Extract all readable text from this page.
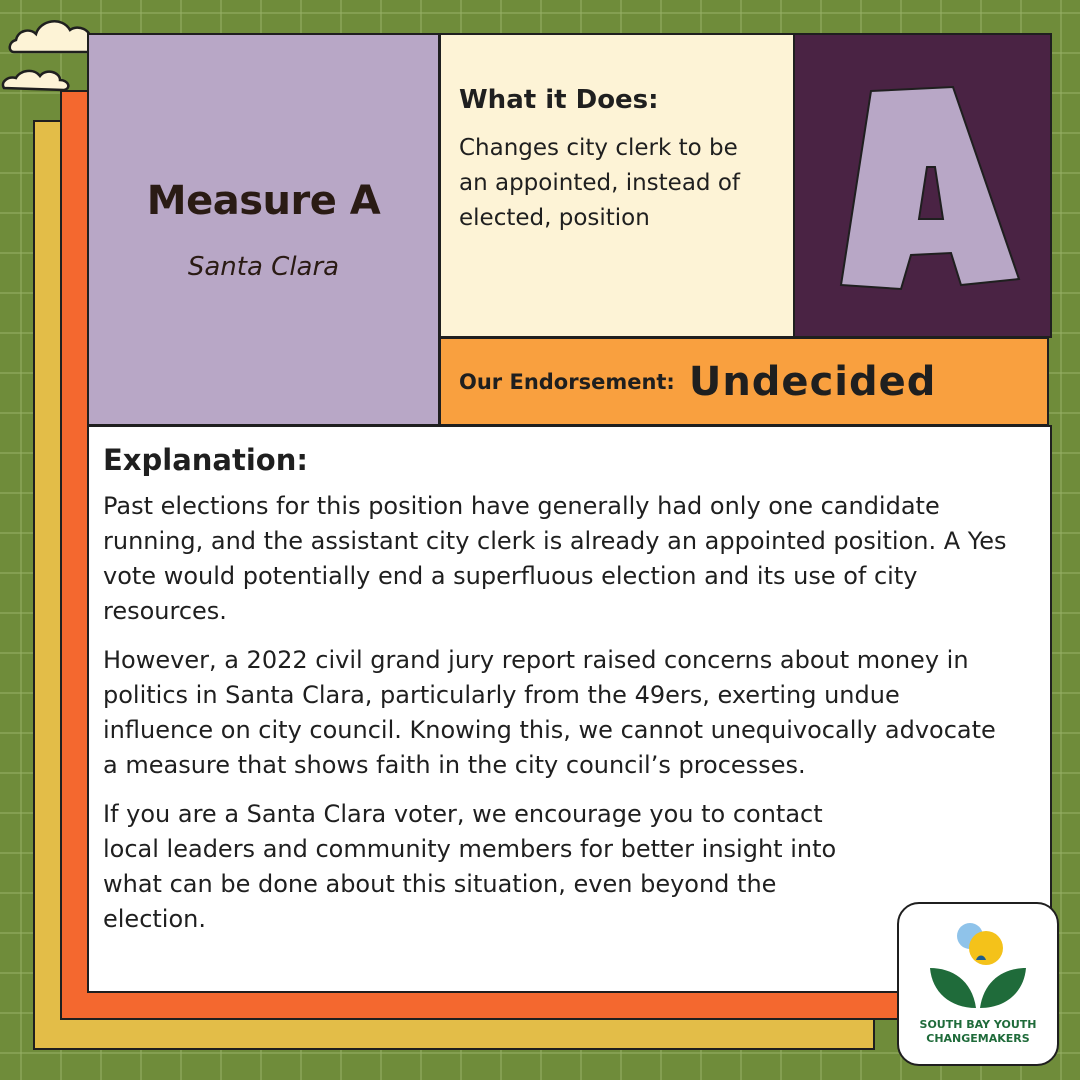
Measure A
Santa Clara
What it Does:

Changes city clerk to be an appointed, instead of elected, position

Our Endorsement: Undecided
Explanation:

Past elections for this position have generally had only one candidate running, and the assistant city clerk is already an appointed position. A Yes vote would potentially end a superfluous election and its use of city resources.

However, a 2022 civil grand jury report raised concerns about money in politics in Santa Clara, particularly from the 49ers, exerting undue influence on city council. Knowing this, we cannot unequivocally advocate a measure that shows faith in the city council’s processes.

If you are a Santa Clara voter, we encourage you to contact local leaders and community members for better insight into what can be done about this situation, even beyond the election.

SOUTH BAY YOUTH
CHANGEMAKERS
